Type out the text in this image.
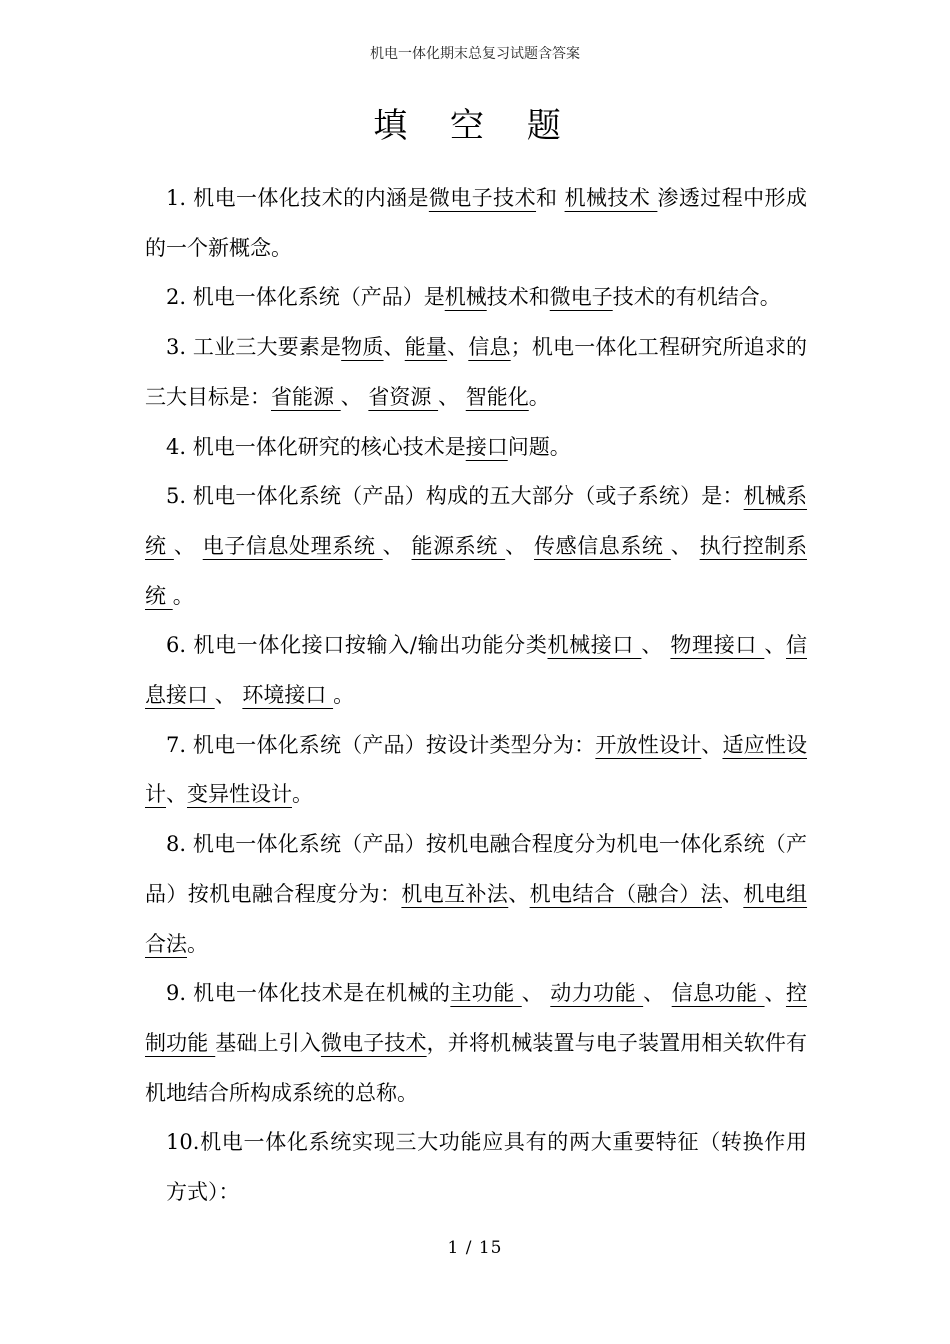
机电一体化期末总复习试题含答案
填 空 题

1. 机电一体化技术的内涵是微电子技术和 机械技术 渗透过程中形成的一个新概念。

2. 机电一体化系统（产品）是机械技术和微电子技术的有机结合。

3. 工业三大要素是物质、能量、信息；机电一体化工程研究所追求的三大目标是：省能源 、 省资源 、 智能化。

4. 机电一体化研究的核心技术是接口问题。

5. 机电一体化系统（产品）构成的五大部分（或子系统）是：机械系统 、 电子信息处理系统 、 能源系统 、 传感信息系统 、 执行控制系统 。

6. 机电一体化接口按输入/输出功能分类机械接口 、 物理接口 、信息接口 、 环境接口 。

7. 机电一体化系统（产品）按设计类型分为：开放性设计、适应性设计、变异性设计。

8. 机电一体化系统（产品）按机电融合程度分为机电一体化系统（产品）按机电融合程度分为：机电互补法、机电结合（融合）法、机电组合法。

9. 机电一体化技术是在机械的主功能 、 动力功能 、 信息功能 、控制功能 基础上引入微电子技术，并将机械装置与电子装置用相关软件有机地结合所构成系统的总称。

10.机电一体化系统实现三大功能应具有的两大重要特征（转换作用方式）：

1 / 15
